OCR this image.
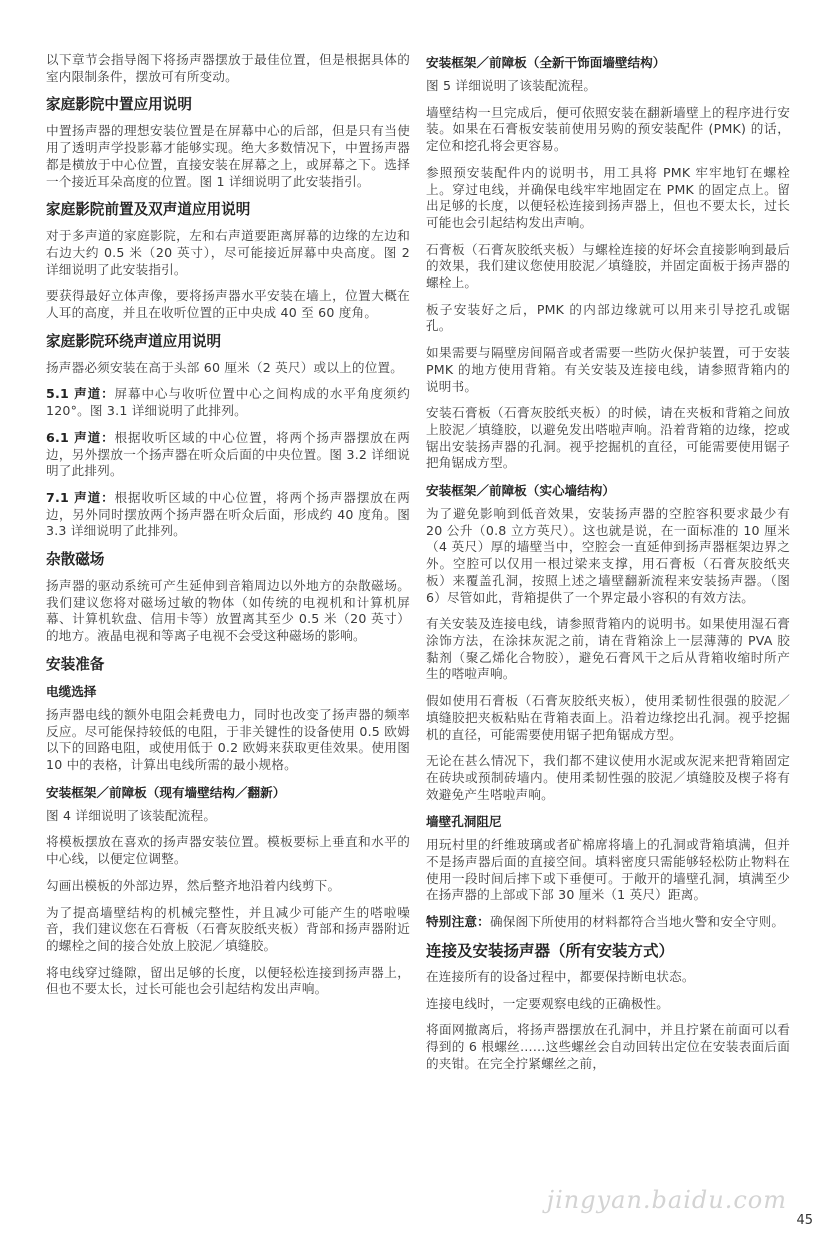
以下章节会指导阁下将扬声器摆放于最佳位置，但是根据具体的室内限制条件，摆放可有所变动。

家庭影院中置应用说明

中置扬声器的理想安装位置是在屏幕中心的后部，但是只有当使用了透明声学投影幕才能够实现。绝大多数情况下，中置扬声器都是横放于中心位置，直接安装在屏幕之上，或屏幕之下。选择一个接近耳朵高度的位置。图 1 详细说明了此安装指引。

家庭影院前置及双声道应用说明

对于多声道的家庭影院，左和右声道要距离屏幕的边缘的左边和右边大约 0.5 米（20 英寸），尽可能接近屏幕中央高度。图 2 详细说明了此安装指引。

要获得最好立体声像，要将扬声器水平安装在墙上，位置大概在人耳的高度，并且在收听位置的正中央成 40 至 60 度角。

家庭影院环绕声道应用说明

扬声器必须安装在高于头部 60 厘米（2 英尺）或以上的位置。

5.1 声道：屏幕中心与收听位置中心之间构成的水平角度须约 120°。图 3.1 详细说明了此排列。

6.1 声道：根据收听区域的中心位置，将两个扬声器摆放在两边，另外摆放一个扬声器在听众后面的中央位置。图 3.2 详细说明了此排列。

7.1 声道：根据收听区域的中心位置，将两个扬声器摆放在两边，另外同时摆放两个扬声器在听众后面，形成约 40 度角。图 3.3 详细说明了此排列。

杂散磁场

扬声器的驱动系统可产生延伸到音箱周边以外地方的杂散磁场。我们建议您将对磁场过敏的物体（如传统的电视机和计算机屏幕、计算机软盘、信用卡等）放置离其至少 0.5 米（20 英寸）的地方。液晶电视和等离子电视不会受这种磁场的影响。

安装准备
电缆选择

扬声器电线的额外电阻会耗费电力，同时也改变了扬声器的频率反应。尽可能保持较低的电阻，于非关键性的设备使用 0.5 欧姆以下的回路电阻，或使用低于 0.2 欧姆来获取更佳效果。使用图 10 中的表格，计算出电线所需的最小规格。

安装框架／前障板（现有墙壁结构／翻新）

图 4 详细说明了该装配流程。

将模板摆放在喜欢的扬声器安装位置。模板要标上垂直和水平的中心线，以便定位调整。

勾画出模板的外部边界，然后整齐地沿着内线剪下。

为了提高墙壁结构的机械完整性，并且减少可能产生的嗒啦噪音，我们建议您在石膏板（石膏灰胶纸夹板）背部和扬声器附近的螺栓之间的接合处放上胶泥／填缝胶。

将电线穿过缝隙，留出足够的长度，以便轻松连接到扬声器上，但也不要太长，过长可能也会引起结构发出声响。

安装框架／前障板（全新干饰面墙壁结构）

图 5 详细说明了该装配流程。

墙壁结构一旦完成后，便可依照安装在翻新墙壁上的程序进行安装。如果在石膏板安装前使用另购的预安装配件 (PMK) 的话，定位和挖孔将会更容易。

参照预安装配件内的说明书，用工具将 PMK 牢牢地钉在螺栓上。穿过电线，并确保电线牢牢地固定在 PMK 的固定点上。留出足够的长度，以便轻松连接到扬声器上，但也不要太长，过长可能也会引起结构发出声响。

石膏板（石膏灰胶纸夹板）与螺栓连接的好坏会直接影响到最后的效果，我们建议您使用胶泥／填缝胶，并固定面板于扬声器的螺栓上。

板子安装好之后，PMK 的内部边缘就可以用来引导挖孔或锯孔。

如果需要与隔壁房间隔音或者需要一些防火保护装置，可于安装 PMK 的地方使用背箱。有关安装及连接电线，请参照背箱内的说明书。

安装石膏板（石膏灰胶纸夹板）的时候，请在夹板和背箱之间放上胶泥／填缝胶，以避免发出嗒啦声响。沿着背箱的边缘，挖或锯出安装扬声器的孔洞。视乎挖掘机的直径，可能需要使用锯子把角锯成方型。

安装框架／前障板（实心墙结构）

为了避免影响到低音效果，安装扬声器的空腔容积要求最少有 20 公升（0.8 立方英尺）。这也就是说，在一面标准的 10 厘米（4 英尺）厚的墙壁当中，空腔会一直延伸到扬声器框架边界之外。空腔可以仅用一根过梁来支撑，用石膏板（石膏灰胶纸夹板）来覆盖孔洞，按照上述之墙壁翻新流程来安装扬声器。（图 6）尽管如此，背箱提供了一个界定最小容积的有效方法。

有关安装及连接电线，请参照背箱内的说明书。如果使用湿石膏涂饰方法，在涂抹灰泥之前，请在背箱涂上一层薄薄的 PVA 胶黏剂（聚乙烯化合物胶），避免石膏风干之后从背箱收缩时所产生的嗒啦声响。

假如使用石膏板（石膏灰胶纸夹板），使用柔韧性很强的胶泥／填缝胶把夹板粘贴在背箱表面上。沿着边缘挖出孔洞。视乎挖掘机的直径，可能需要使用锯子把角锯成方型。

无论在甚么情况下，我们都不建议使用水泥或灰泥来把背箱固定在砖块或预制砖墙内。使用柔韧性强的胶泥／填缝胶及楔子将有效避免产生嗒啦声响。

墙壁孔洞阻尼

用玩村里的纤维玻璃或者矿棉席将墙上的孔洞或背箱填满，但并不是扬声器后面的直接空间。填料密度只需能够轻松防止物料在使用一段时间后摔下或下垂便可。于敞开的墙壁孔洞，填满至少在扬声器的上部或下部 30 厘米（1 英尺）距离。

特别注意：确保阁下所使用的材料都符合当地火警和安全守则。

连接及安装扬声器（所有安装方式）

在连接所有的设备过程中，都要保持断电状态。

连接电线时，一定要观察电线的正确极性。

将面网撤离后，将扬声器摆放在孔洞中，并且拧紧在前面可以看得到的 6 根螺丝……这些螺丝会自动回转出定位在安装表面后面的夹钳。在完全拧紧螺丝之前，

jingyan.baidu.com
45
